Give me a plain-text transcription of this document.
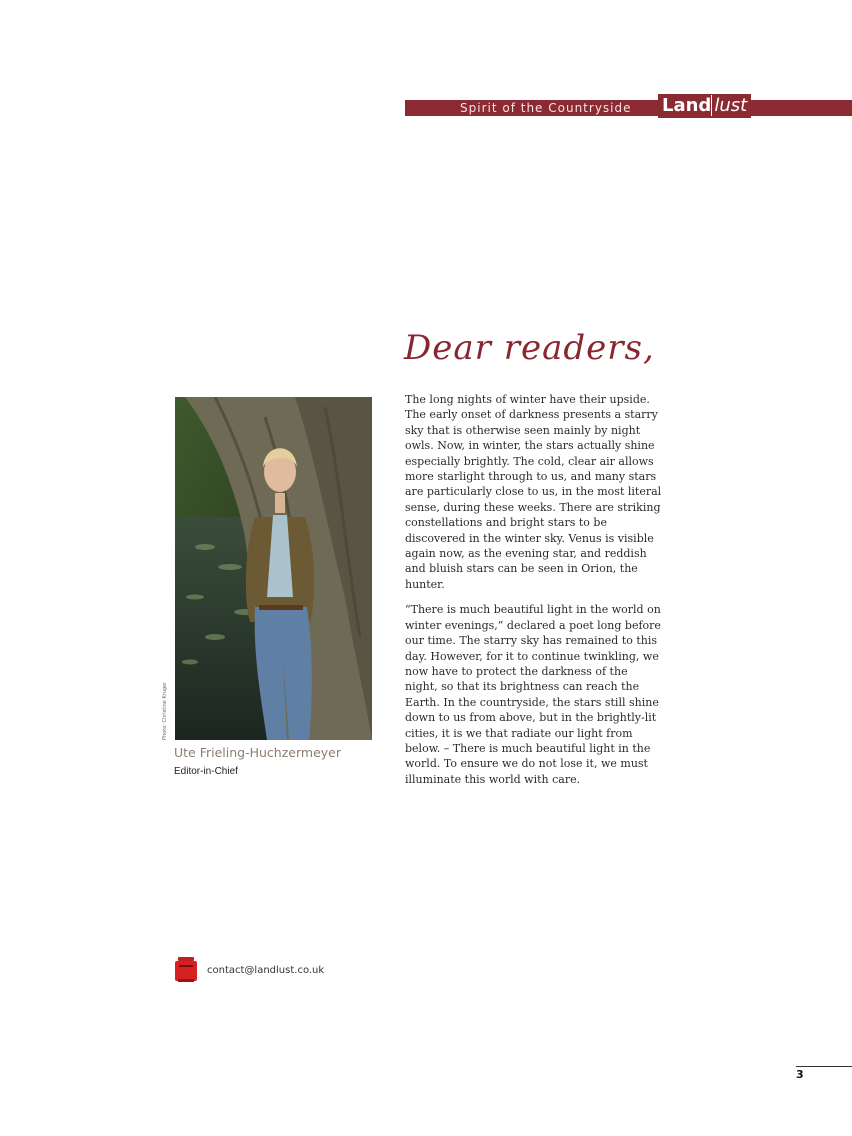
Spirit of the Countryside Land lust
Dear readers,

The long nights of winter have their upside. The early onset of darkness presents a starry sky that is otherwise seen mainly by night owls. Now, in winter, the stars actually shine especially brightly. The cold, clear air allows more starlight through to us, and many stars are particularly close to us, in the most literal sense, during these weeks. There are striking constellations and bright stars to be discovered in the winter sky. Venus is visible again now, as the evening star, and reddish and bluish stars can be seen in Orion, the hunter.

“There is much beautiful light in the world on winter evenings,” declared a poet long before our time. The starry sky has remained to this day. However, for it to continue twinkling, we now have to protect the darkness of the night, so that its brightness can reach the Earth. In the countryside, the stars still shine down to us from above, but in the brightly-lit cities, it is we that radiate our light from below. – There is much beautiful light in the world. To ensure we do not lose it, we must illuminate this world with care.

Photo: Christine Kruger
Ute Frieling-Huchzermeyer
Editor-in-Chief
contact@landlust.co.uk
3
